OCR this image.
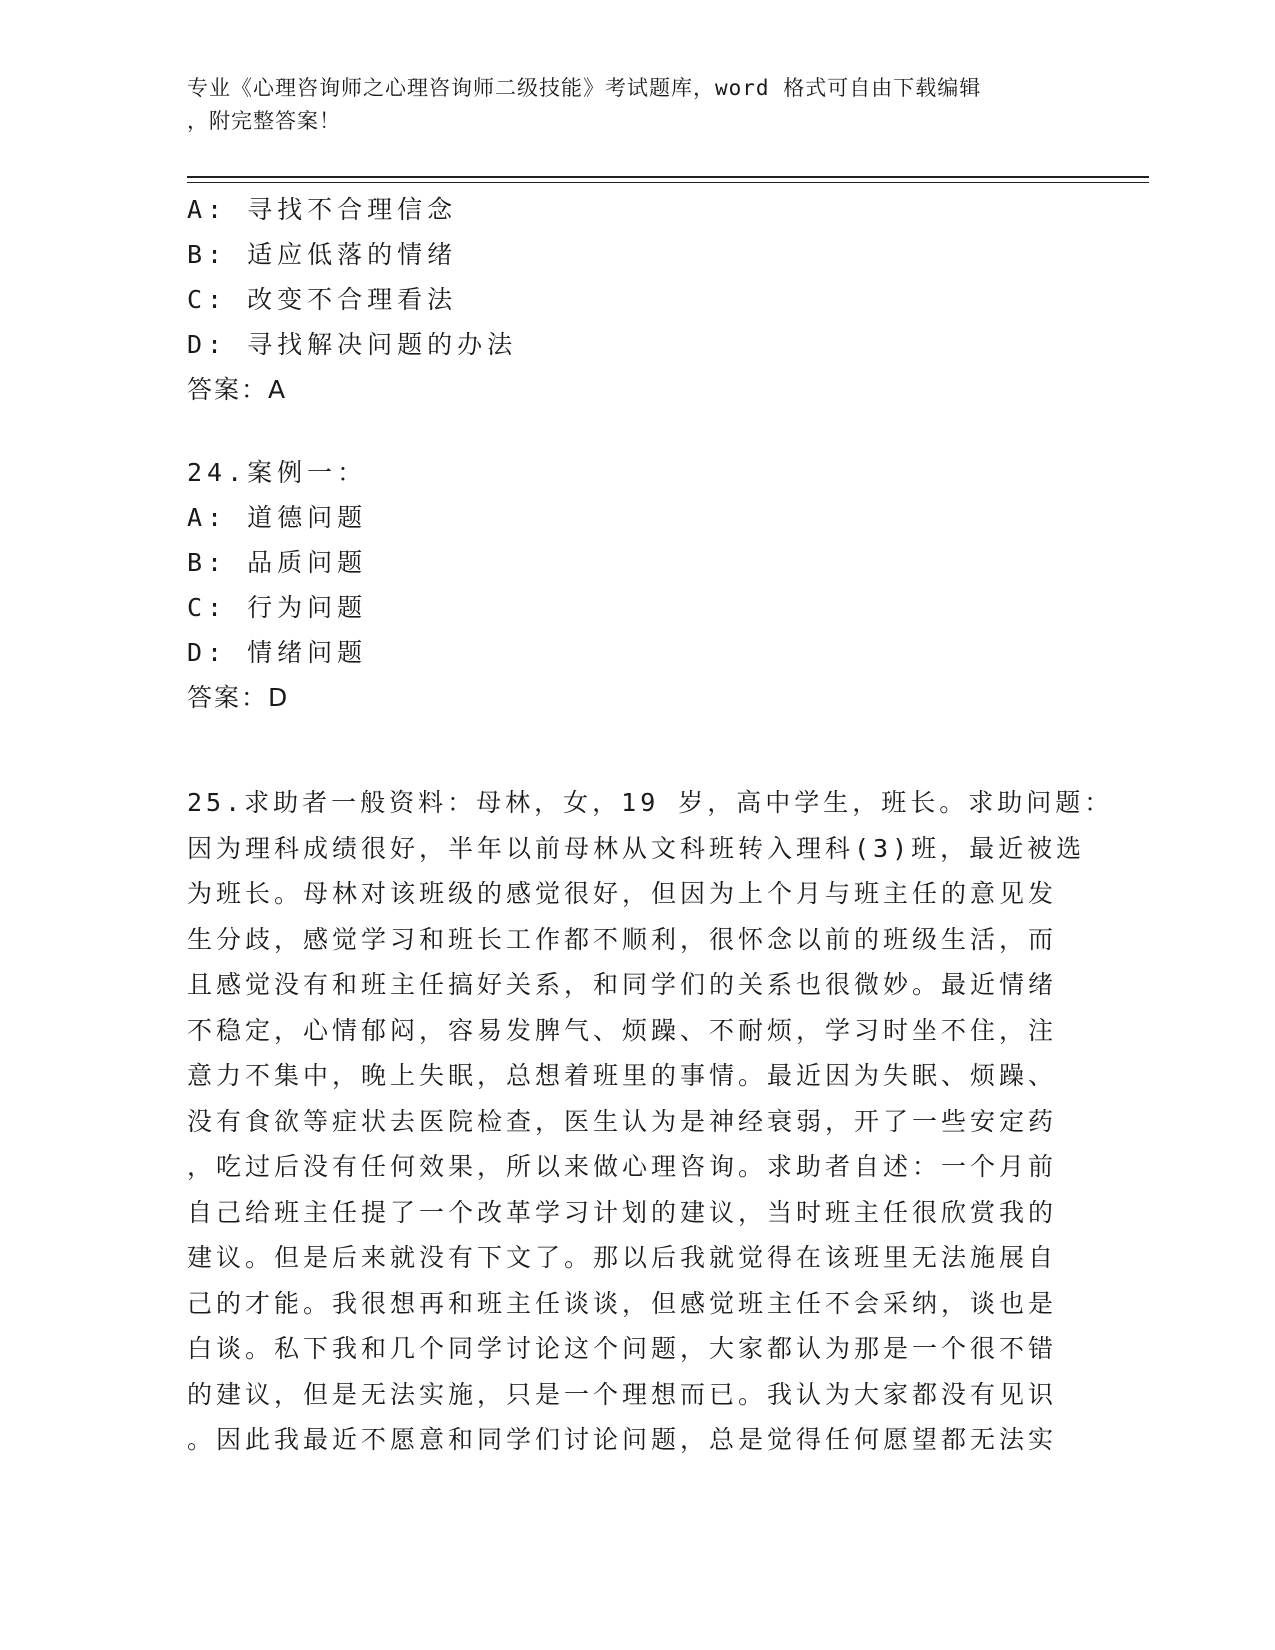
专业《心理咨询师之心理咨询师二级技能》考试题库，word 格式可自由下载编辑

，附完整答案！

A: 寻找不合理信念
B: 适应低落的情绪
C: 改变不合理看法
D: 寻找解决问题的办法
答案：A
24.案例一：
A: 道德问题
B: 品质问题
C: 行为问题
D: 情绪问题
答案：D
25.求助者一般资料：母林，女，19 岁，高中学生，班长。求助问题：
因为理科成绩很好，半年以前母林从文科班转入理科(3)班，最近被选
为班长。母林对该班级的感觉很好，但因为上个月与班主任的意见发
生分歧，感觉学习和班长工作都不顺利，很怀念以前的班级生活，而
且感觉没有和班主任搞好关系，和同学们的关系也很微妙。最近情绪
不稳定，心情郁闷，容易发脾气、烦躁、不耐烦，学习时坐不住，注
意力不集中，晚上失眠，总想着班里的事情。最近因为失眠、烦躁、
没有食欲等症状去医院检查，医生认为是神经衰弱，开了一些安定药
，吃过后没有任何效果，所以来做心理咨询。求助者自述：一个月前
自己给班主任提了一个改革学习计划的建议，当时班主任很欣赏我的
建议。但是后来就没有下文了。那以后我就觉得在该班里无法施展自
己的才能。我很想再和班主任谈谈，但感觉班主任不会采纳，谈也是
白谈。私下我和几个同学讨论这个问题，大家都认为那是一个很不错
的建议，但是无法实施，只是一个理想而已。我认为大家都没有见识
。因此我最近不愿意和同学们讨论问题，总是觉得任何愿望都无法实
